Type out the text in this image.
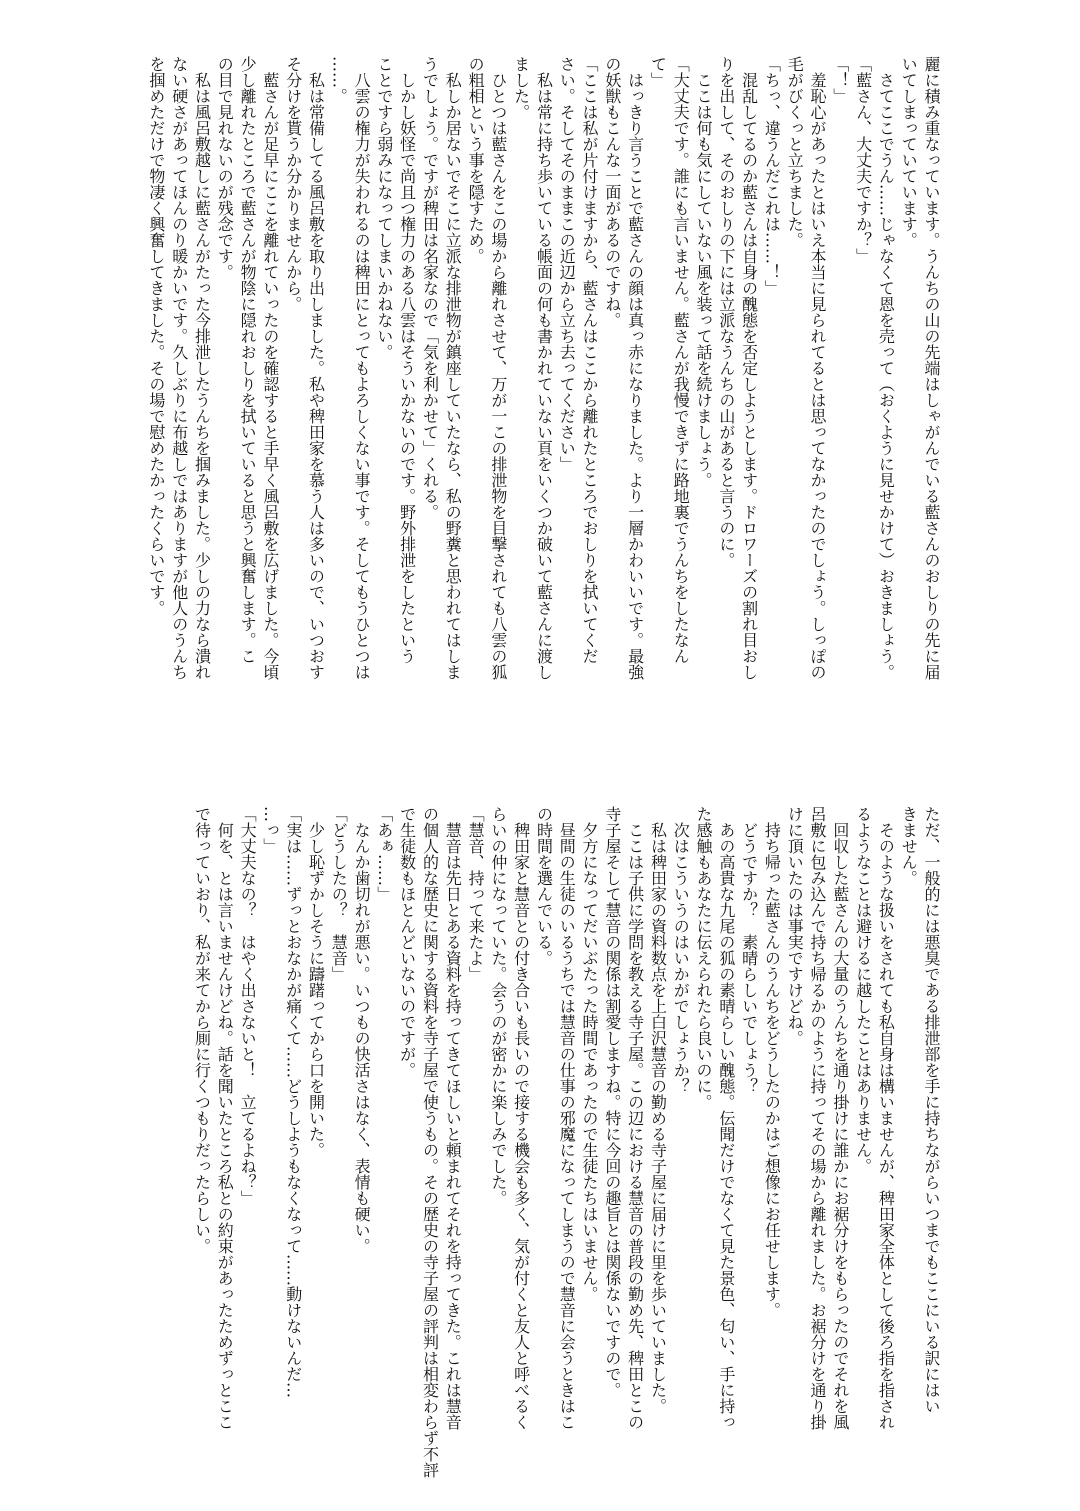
麗に積み重なっています。うんちの山の先端はしゃがんでいる藍さんのおしりの先に届
いてしまっていています。
　さてここでうん……じゃなくて恩を売って（おくように見せかけて）おきましょう。
「藍さん、大丈夫ですか？」
「！」
　羞恥心があったとはいえ本当に見られてるとは思ってなかったのでしょう。しっぽの
毛がびくっと立ちました。
「ちっ、違うんだこれは……！」
　混乱してるのか藍さんは自身の醜態を否定しようとします。ドロワーズの割れ目おし
りを出して、そのおしりの下には立派なうんちの山があると言うのに。
　ここは何も気にしていない風を装って話を続けましょう。
「大丈夫です。誰にも言いません。藍さんが我慢できずに路地裏でうんちをしたなん
て」
　はっきり言うことで藍さんの顔は真っ赤になりました。より一層かわいいです。最強
の妖獣もこんな一面があるのですね。
「ここは私が片付けますから、藍さんはここから離れたところでおしりを拭いてくだ
さい。そしてそのままこの近辺から立ち去ってください」
　私は常に持ち歩いている帳面の何も書かれていない頁をいくつか破いて藍さんに渡し
ました。
　ひとつは藍さんをこの場から離れさせて、万が一この排泄物を目撃されても八雲の狐
の粗相という事を隠すため。
　私しか居ないでそこに立派な排泄物が鎮座していたなら、私の野糞と思われてはしま
うでしょう。ですが稗田は名家なので「気を利かせて」くれる。
　しかし妖怪で尚且つ権力のある八雲はそういかないのです。野外排泄をしたという
ことですら弱みになってしまいかねない。
　八雲の権力が失われるのは稗田にとってもよろしくない事です。そしてもうひとつは
……。
　私は常備してる風呂敷を取り出しました。私や稗田家を慕う人は多いので、いつおす
そ分けを貰うか分かりませんから。
　藍さんが足早にここを離れていったのを確認すると手早く風呂敷を広げました。今頃
少し離れたところで藍さんが物陰に隠れおしりを拭いていると思うと興奮します。こ
の目で見れないのが残念です。
　私は風呂敷越しに藍さんがたった今排泄したうんちを掴みました。少しの力なら潰れ
ない硬さがあってほんのり暖かいです。久しぶりに布越しではありますが他人のうんち
を掴めただけで物凄く興奮してきました。その場で慰めたかったくらいです。
ただ、一般的には悪臭である排泄部を手に持ちながらいつまでもここにいる訳にはい
きません。
　そのような扱いをされても私自身は構いませんが、稗田家全体として後ろ指を指され
るようなことは避けるに越したことはありません。
　回収した藍さんの大量のうんちを通り掛けに誰かにお裾分けをもらったのでそれを風
呂敷に包み込んで持ち帰るかのように持ってその場から離れました。お裾分けを通り掛
けに頂いたのは事実ですけどね。
　持ち帰った藍さんのうんちをどうしたのかはご想像にお任せします。
　どうですか？　素晴らしいでしょう？
　あの高貴な九尾の狐の素晴らしい醜態。伝聞だけでなくて見た景色、匂い、手に持っ
た感触もあなたに伝えられたら良いのに。
　次はこういうのはいかがでしょうか？
　私は稗田家の資料数点を上白沢慧音の勤める寺子屋に届けに里を歩いていました。
　ここは子供に学問を教える寺子屋。この辺における慧音の普段の勤め先、稗田とこの
寺子屋そして慧音の関係は割愛しますね。特に今回の趣旨とは関係ないですので。
　夕方になってだいぶたった時間であったので生徒たちはいません。
　昼間の生徒のいるうちでは慧音の仕事の邪魔になってしまうので慧音に会うときはこ
の時間を選んでいる。
　稗田家と慧音との付き合いも長いので接する機会も多く、気が付くと友人と呼べるく
らいの仲になっていた。会うのが密かに楽しみでした。
「慧音、持って来たよ」
　慧音は先日とある資料を持ってきてほしいと頼まれてそれを持ってきた。これは慧音
の個人的な歴史に関する資料を寺子屋で使うもの。その歴史の寺子屋の評判は相変わらず不評
で生徒数もほとんどいないのですが。
「あぁ……」
　なんか歯切れが悪い。いつもの快活さはなく、表情も硬い。
「どうしたの？　慧音」
　少し恥ずかしそうに躊躇ってから口を開いた。
「実は……ずっとおなかが痛くて……どうしようもなくなって……動けないんだ…
…っ」
「大丈夫なの？　はやく出さないと！　立てるよね？」
　何を、とは言いませんけどね。話を聞いたところ私との約束があったためずっとここ
で待っていおり、私が来てから厠に行くつもりだったらしい。
